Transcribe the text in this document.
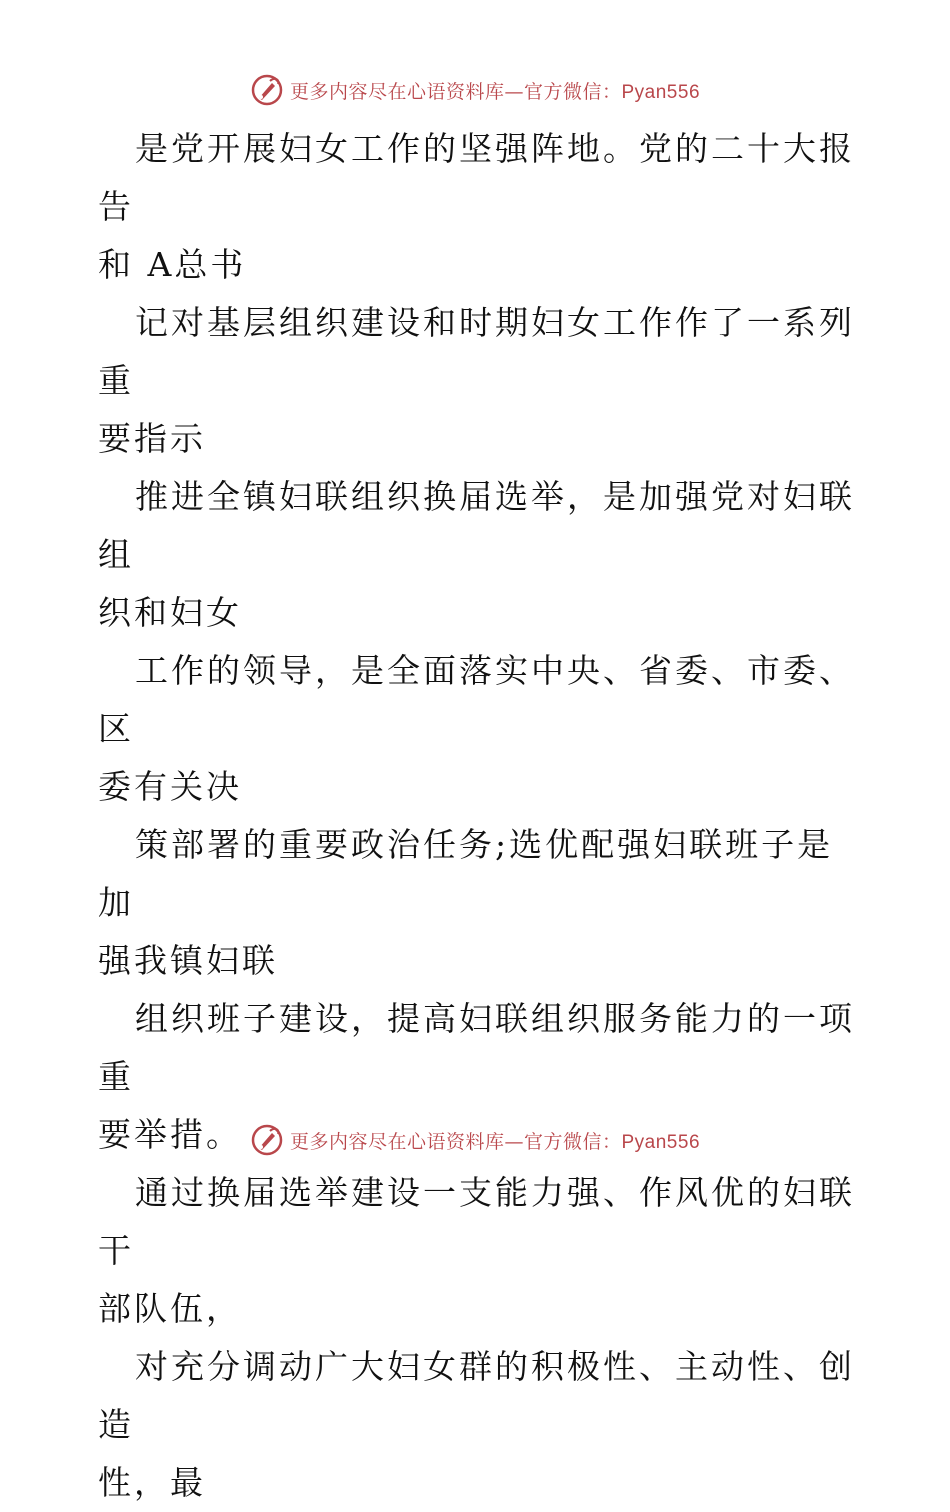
更多内容尽在心语资料库—官方微信：Pyan556

是党开展妇女工作的坚强阵地。党的二十大报告
和 A总书

记对基层组织建设和时期妇女工作作了一系列重
要指示

推进全镇妇联组织换届选举，是加强党对妇联组
织和妇女

工作的领导，是全面落实中央、省委、市委、区
委有关决

策部署的重要政治任务;选优配强妇联班子是加
强我镇妇联

组织班子建设，提高妇联组织服务能力的一项重
要举措。

通过换届选举建设一支能力强、作风优的妇联干
部队伍，

对充分调动广大妇女群的积极性、主动性、创造
性，最

更多内容尽在心语资料库—官方微信：Pyan556
